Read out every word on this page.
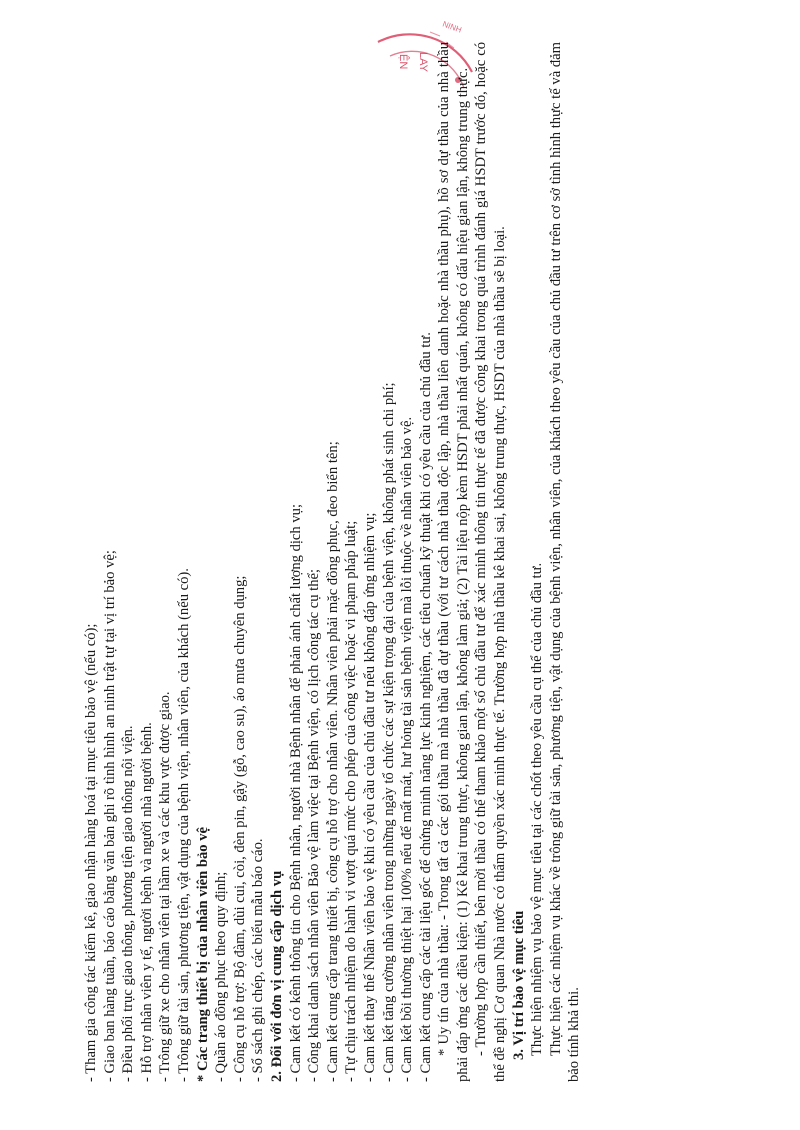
ỆN LAY
NINH
- Tham gia công tác kiểm kê, giao nhận hàng hoá tại mục tiêu bảo vệ (nếu có); - Giao ban hàng tuần, báo cáo bằng văn bản ghi rõ tình hình an ninh trật tự tại vị trí bảo vệ; - Điều phối trục giao thông, phương tiện giao thông nội viện. - Hỗ trợ nhân viên y tế, người bệnh và người nhà người bệnh. - Trông giữ xe cho nhân viên tại hầm xe và các khu vực được giao. - Trông giữ tài sản, phương tiện, vật dụng của bệnh viện, nhân viên, của khách (nếu có). * Các trang thiết bị của nhân viên bảo vệ - Quần áo đồng phục theo quy định; - Công cụ hỗ trợ: Bộ đàm, dùi cui, còi, đèn pin, gậy (gỗ, cao su), áo mưa chuyên dụng; - Sổ sách ghi chép, các biểu mẫu báo cáo. 2. Đối với đơn vị cung cấp dịch vụ - Cam kết có kênh thông tin cho Bệnh nhân, người nhà Bệnh nhân để phản ánh chất lượng dịch vụ; - Công khai danh sách nhân viên Bảo vệ làm việc tại Bệnh viện, có lịch công tác cụ thể; - Cam kết cung cấp trang thiết bị, công cụ hỗ trợ cho nhân viên. Nhân viên phải mặc đồng phục, đeo biển tên; - Tự chịu trách nhiệm do hành vi vượt quá mức cho phép của công việc hoặc vi phạm pháp luật; - Cam kết thay thế Nhân viên bảo vệ khi có yêu cầu của chủ đầu tư nếu không đáp ứng nhiệm vụ; - Cam kết tăng cường nhân viên trong những ngày tổ chức các sự kiện trọng đại của bệnh viện, không phát sinh chi phí; - Cam kết bồi thường thiệt hại 100% nếu để mất mát, hư hỏng tài sản bệnh viện mà lỗi thuộc về nhân viên bảo vệ. - Cam kết cung cấp các tài liệu gốc để chứng minh năng lực kinh nghiệm, các tiêu chuẩn kỹ thuật khi có yêu cầu của chủ đầu tư. * Uy tín của nhà thầu: - Trong tất cả các gói thầu mà nhà thầu đã dự thầu (với tư cách nhà thầu độc lập, nhà thầu liên danh hoặc nhà thầu phụ), hồ sơ dự thầu của nhà thầu phải đáp ứng các điều kiện: (1) Kê khai trung thực, không gian lận, không làm giả; (2) Tài liệu nộp kèm HSDT phải nhất quán, không có dấu hiệu gian lận, không trung thực. - Trường hợp cần thiết, bên mời thầu có thể tham khảo một số chủ đầu tư để xác minh thông tin thực tế đã được công khai trong quá trình đánh giá HSDT trước đó, hoặc có thể đề nghị Cơ quan Nhà nước có thẩm quyền xác minh thực tế. Trường hợp nhà thầu kê khai sai, không trung thực, HSDT của nhà thầu sẽ bị loại. 3. Vị trí bảo vệ mục tiêu Thực hiện nhiệm vụ bảo vệ mục tiêu tại các chốt theo yêu cầu cụ thể của chủ đầu tư. Thực hiện các nhiệm vụ khác về trông giữ tài sản, phương tiện, vật dụng của bệnh viện, nhân viên, của khách theo yêu cầu của chủ đầu tư trên cơ sở tình hình thực tế và đảm bảo tính khả thi.
